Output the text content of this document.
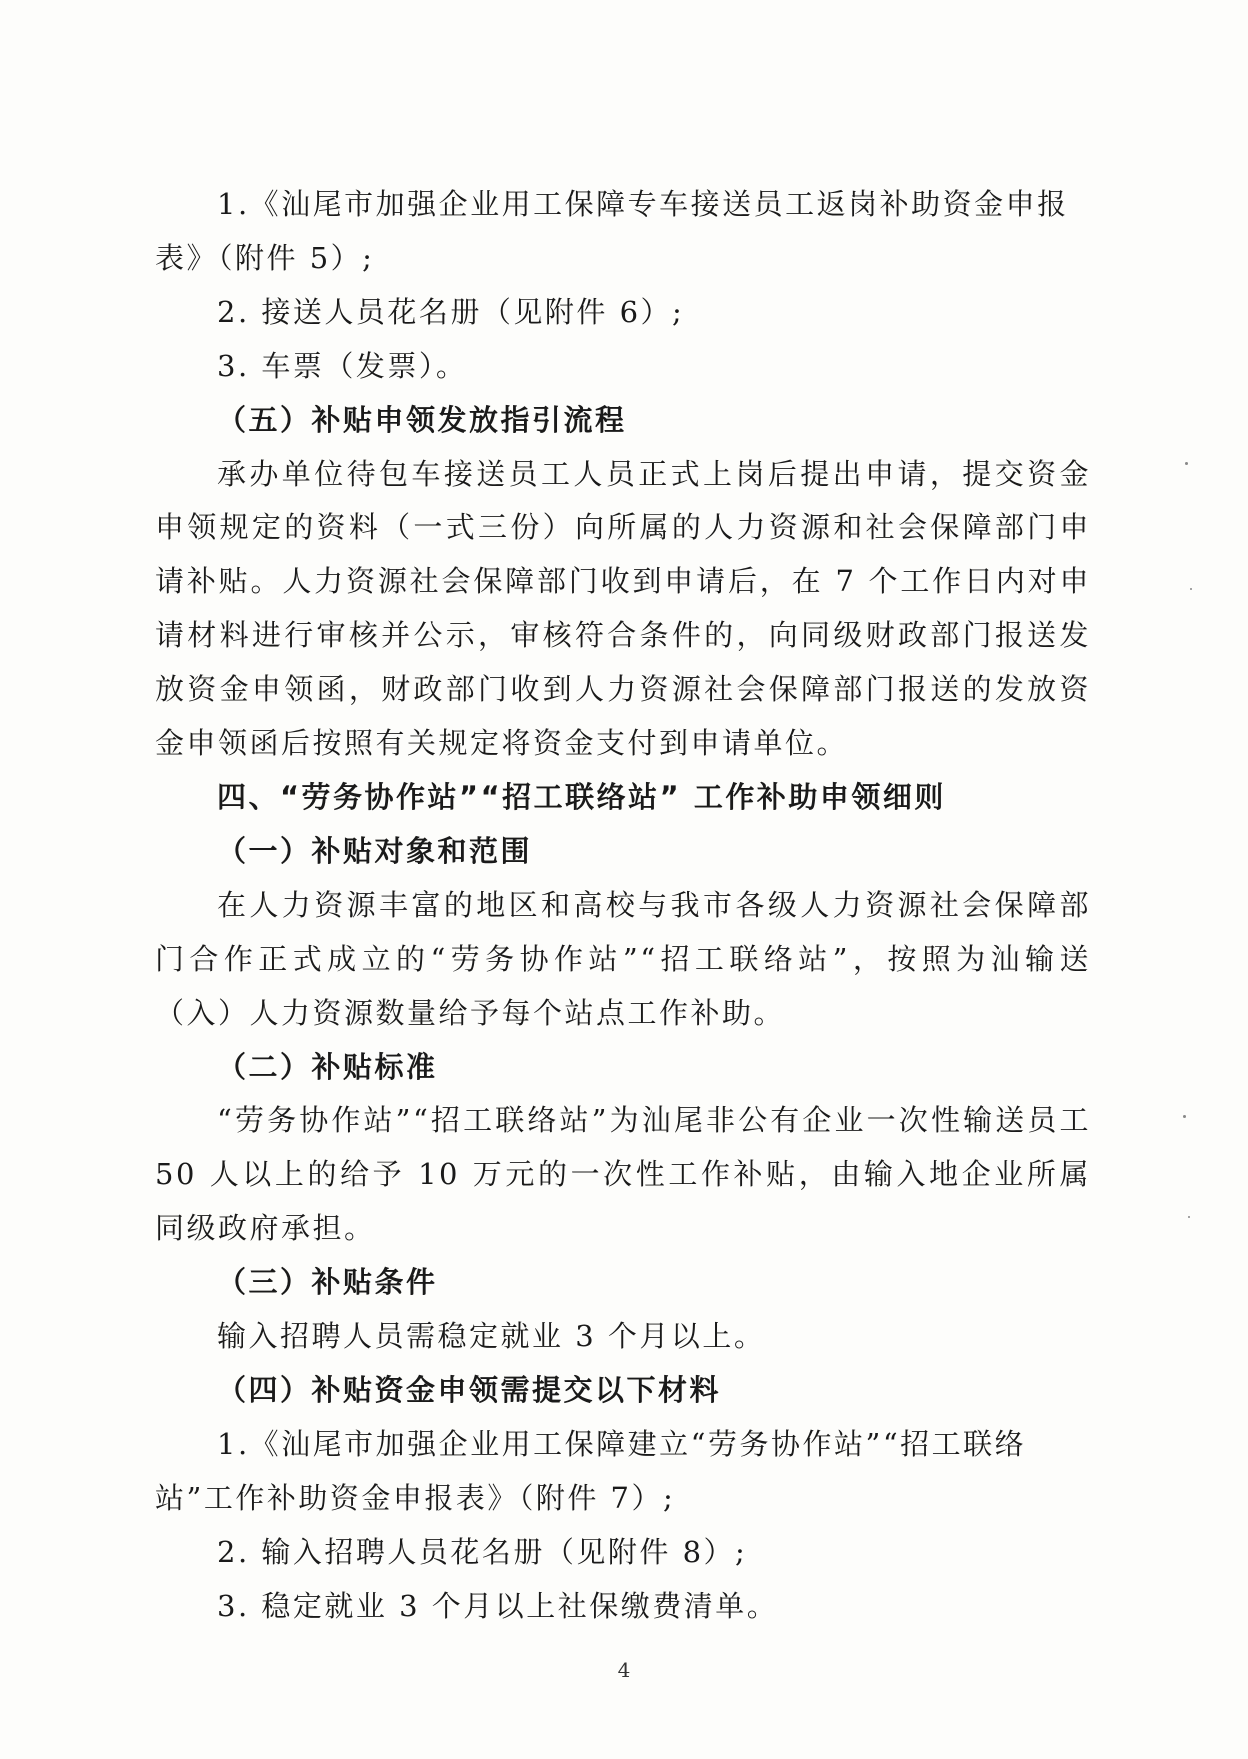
1.《汕尾市加强企业用工保障专车接送员工返岗补助资金申报表》（附件 5）;

2. 接送人员花名册（见附件 6）;

3. 车票（发票）。

（五）补贴申领发放指引流程

承办单位待包车接送员工人员正式上岗后提出申请，提交资金申领规定的资料（一式三份）向所属的人力资源和社会保障部门申请补贴。人力资源社会保障部门收到申请后，在 7 个工作日内对申请材料进行审核并公示，审核符合条件的，向同级财政部门报送发放资金申领函，财政部门收到人力资源社会保障部门报送的发放资金申领函后按照有关规定将资金支付到申请单位。

四、“劳务协作站”“招工联络站” 工作补助申领细则

（一）补贴对象和范围

在人力资源丰富的地区和高校与我市各级人力资源社会保障部门合作正式成立的“劳务协作站”“招工联络站”，按照为汕输送（入）人力资源数量给予每个站点工作补助。

（二）补贴标准

“劳务协作站”“招工联络站”为汕尾非公有企业一次性输送员工 50 人以上的给予 10 万元的一次性工作补贴，由输入地企业所属同级政府承担。

（三）补贴条件

输入招聘人员需稳定就业 3 个月以上。

（四）补贴资金申领需提交以下材料

1.《汕尾市加强企业用工保障建立“劳务协作站”“招工联络站”工作补助资金申报表》（附件 7）;

2. 输入招聘人员花名册（见附件 8）;

3. 稳定就业 3 个月以上社保缴费清单。

4
